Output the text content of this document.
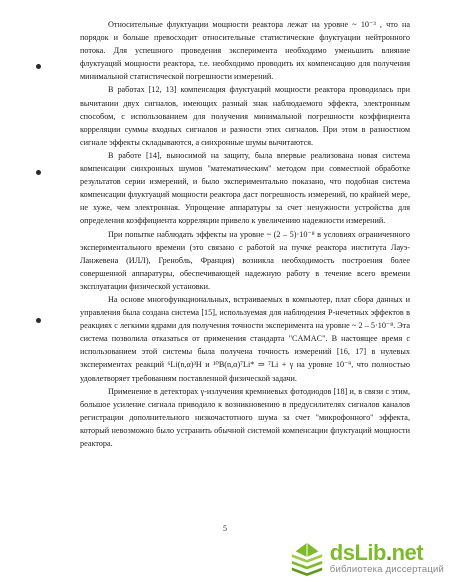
Относительные флуктуации мощности реактора лежат на уровне ~ 10⁻³ , что на порядок и больше превосходит относительные статистические флуктуации нейтронного потока. Для успешного проведения эксперимента необходимо уменьшить влияние флуктуаций мощности реактора, т.е. необходимо проводить их компенсацию для получения минимальной статистической погрешности измерений.

В работах [12, 13] компенсация флуктуаций мощности реактора проводилась при вычитании двух сигналов, имеющих разный знак наблюдаемого эффекта, электронным способом, с использованием для получения минимальной погрешности коэффициента корреляции суммы входных сигналов и разности этих сигналов. При этом в разностном сигнале эффекты складываются, а синхронные шумы вычитаются.

В работе [14], выносимой на защиту, была впервые реализована новая система компенсации синхронных шумов "математическим" методом при совместной обработке результатов серии измерений, и было экспериментально показано, что подобная система компенсации флуктуаций мощности реактора даст погрешность измерений, по крайней мере, не хуже, чем электронная. Упрощение аппаратуры за счет ненужности устройства для определения коэффициента корреляции привело к увеличению надежности измерений.

При попытке наблюдать эффекты на уровне ~ (2 – 5)·10⁻⁸ в условиях ограниченного экспериментального времени (это связано с работой на пучке реактора института Лауэ-Ланжевена (ИЛЛ), Гренобль, Франция) возникла необходимость построения более совершенной аппаратуры, обеспечивающей надежную работу в течение всего времени эксплуатации физической установки.

На основе многофункциональных, встраиваемых в компьютер, плат сбора данных и управления была создана система [15], используемая для наблюдения Р-нечетных эффектов в реакциях с легкими ядрами для получения точности эксперимента на уровне ~ 2 – 5·10⁻⁸. Эта система позволила отказаться от применения стандарта "CAMAC". В настоящее время с использованием этой системы была получена точность измерений [16, 17] в нулевых экспериментах реакций ⁶Li(n,α)³H и ¹⁰B(n,α)⁷Li* ⇒ ⁷Li + γ на уровне 10⁻⁹, что полностью удовлетворяет требованиям поставленной физической задачи.

Применение в детекторах γ-излучения кремниевых фотодиодов [18] и, в связи с этим, большое усиление сигнала приводило к возникновению в предусилителях сигналов каналов регистрации дополнительного низкочастотного шума за счет "микрофонного" эффекта, который невозможно было устранить обычной системой компенсации флуктуаций мощности реактора.

5
dsLib.net
библиотека диссертаций
